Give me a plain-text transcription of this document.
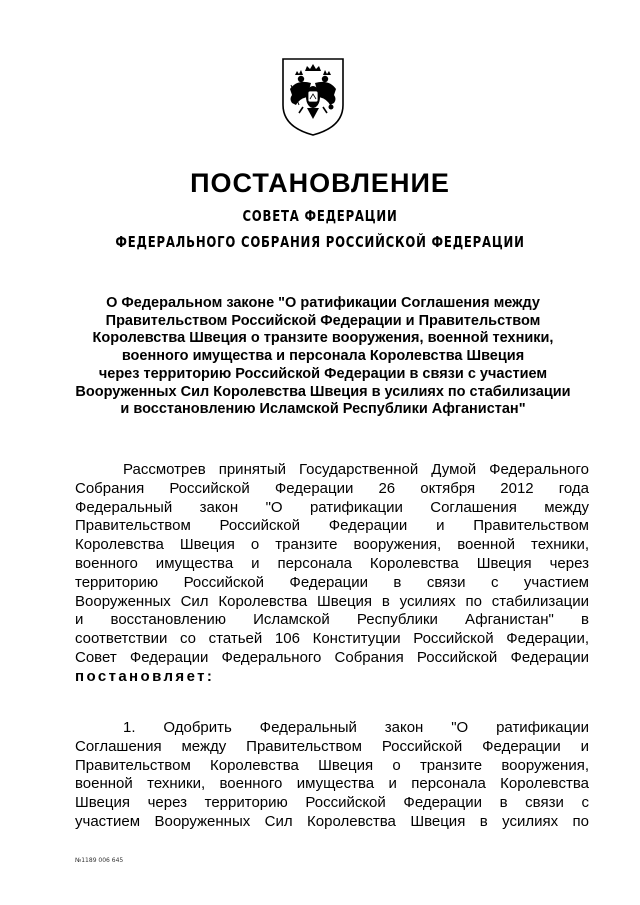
ПОСТАНОВЛЕНИЕ
СОВЕТА ФЕДЕРАЦИИ
ФЕДЕРАЛЬНОГО СОБРАНИЯ РОССИЙСКОЙ ФЕДЕРАЦИИ
О Федеральном законе "О ратификации Соглашения между
Правительством Российской Федерации и Правительством
Королевства Швеция о транзите вооружения, военной техники,
военного имущества и персонала Королевства Швеция
через территорию Российской Федерации в связи с участием
Вооруженных Сил Королевства Швеция в усилиях по стабилизации
и восстановлению Исламской Республики Афганистан"
Рассмотрев принятый Государственной Думой Федерального
Собрания Российской Федерации 26 октября 2012 года
Федеральный закон "О ратификации Соглашения между
Правительством Российской Федерации и Правительством
Королевства Швеция о транзите вооружения, военной техники,
военного имущества и персонала Королевства Швеция через
территорию Российской Федерации в связи с участием
Вооруженных Сил Королевства Швеция в усилиях по стабилизации
и восстановлению Исламской Республики Афганистан" в
соответствии со статьей 106 Конституции Российской Федерации,
Совет Федерации Федерального Собрания Российской Федерации
постановляет:
1. Одобрить Федеральный закон "О ратификации
Соглашения между Правительством Российской Федерации и
Правительством Королевства Швеция о транзите вооружения,
военной техники, военного имущества и персонала Королевства
Швеция через территорию Российской Федерации в связи с
участием Вооруженных Сил Королевства Швеция в усилиях по
№1189 006 645
